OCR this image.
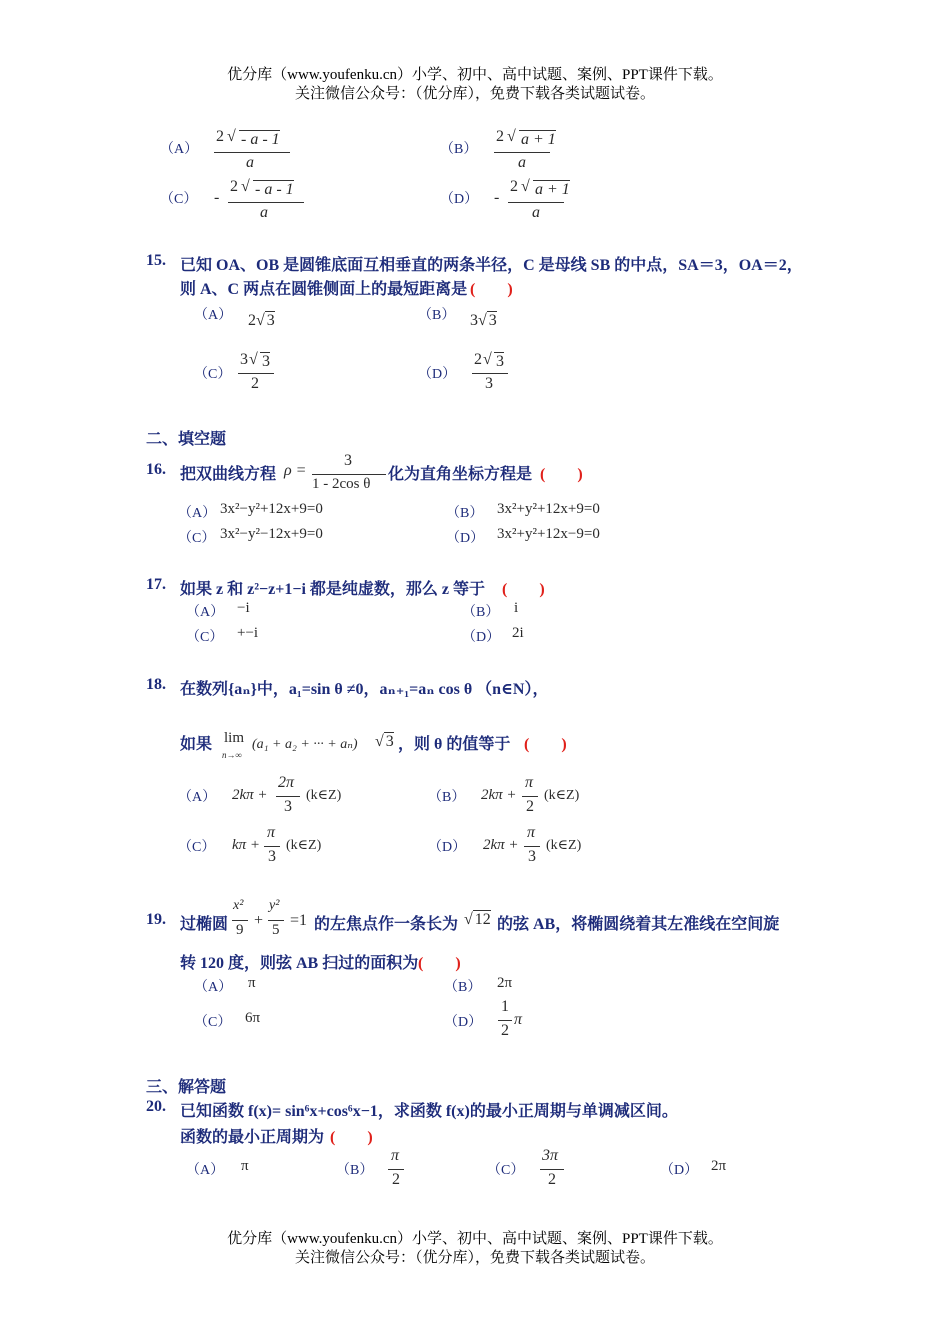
优分库（www.youfenku.cn）小学、初中、高中试题、案例、PPT课件下载。
关注微信公众号：（优分库），免费下载各类试题试卷。
（A）
2 √ - a - 1
a
（B）
2 √ a + 1
a
（C） -
2 √ - a - 1
a
（D） -
2 √ a + 1
a
15. 已知 OA、OB 是圆锥底面互相垂直的两条半径，C 是母线 SB 的中点，SA＝3，OA＝2，
则 A、C 两点在圆锥侧面上的最短距离是 (　　)
（A） 2√ 3	（B） 3√ 3
（C）
3 √ 3
2
（D）
2 √ 3
3
二、填空题
16. 把双曲线方程 ρ =
3
1 - 2cos θ
化为直角坐标方程是 (　　)
（A） 3x²−y²+12x+9=0	（B） 3x²+y²+12x+9=0
（C） 3x²−y²−12x+9=0	（D） 3x²+y²+12x−9=0
17. 如果 z 和 z²−z+1−i 都是纯虚数，那么 z 等于 (　　)
（A） −i	（B） i
（C） +−i	（D） 2i
18. 在数列{aₙ}中，a₁=sin θ ≠0，aₙ₊₁=aₙ cos θ （n∈N），
如果 lim
n→∞
(a₁ + a₂ + ··· + aₙ) √ 3 ，则 θ 的值等于 (　　)
（A） 2kπ +
2π
3
(k∈Z)	（B） 2kπ +
π
2
(k∈Z)
（C） kπ +
π
3
(k∈Z)	（D） 2kπ +
π
3
(k∈Z)
19. 过椭圆
x²
9
+
y²
5
=1 的左焦点作一条长为 √ 12 的弦 AB，将椭圆绕着其左准线在空间旋
转 120 度，则弦 AB 扫过的面积为 (　　)
（A） π	（B） 2π
（C） 6π	（D）
1
2
π
三、解答题
20. 已知函数 f(x)= sin⁶x+cos⁶x−1，求函数 f(x)的最小正周期与单调减区间。
函数的最小正周期为 (　　)
（A） π	（B）
π
2
（C）
3π
2
（D） 2π
优分库（www.youfenku.cn）小学、初中、高中试题、案例、PPT课件下载。
关注微信公众号：（优分库），免费下载各类试题试卷。
